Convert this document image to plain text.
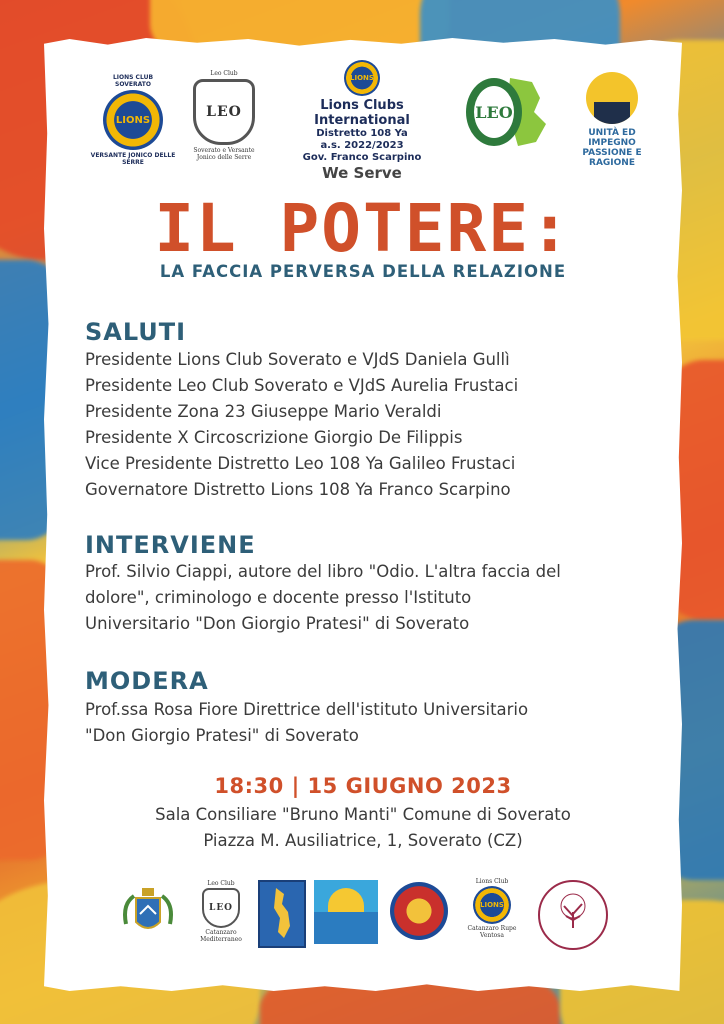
LIONS CLUB SOVERATO
LIONS
VERSANTE JONICO DELLE SERRE
Leo Club
LEO
Soverato e Versante Jonico delle Serre
LIONS
Lions Clubs International
Distretto 108 Ya
a.s. 2022/2023
Gov. Franco Scarpino
We Serve
LEO
UNITÀ ED IMPEGNO
PASSIONE E RAGIONE
IL POTERE:
LA FACCIA PERVERSA DELLA RELAZIONE
SALUTI
Presidente Lions Club Soverato e VJdS Daniela Gullì
Presidente Leo Club Soverato e VJdS Aurelia Frustaci
Presidente Zona 23 Giuseppe Mario Veraldi
Presidente X Circoscrizione Giorgio De Filippis
Vice Presidente Distretto Leo 108 Ya Galileo Frustaci
Governatore Distretto Lions 108 Ya Franco Scarpino
INTERVIENE
Prof. Silvio Ciappi, autore del libro "Odio. L'altra faccia del
dolore", criminologo e docente presso l'Istituto
Universitario "Don Giorgio Pratesi" di Soverato
MODERA
Prof.ssa Rosa Fiore Direttrice dell'istituto Universitario
"Don Giorgio Pratesi" di Soverato
18:30 | 15 GIUGNO 2023
Sala Consiliare "Bruno Manti" Comune di Soverato
Piazza M. Ausiliatrice, 1, Soverato (CZ)
Leo Club
LEO
Catanzaro
Mediterraneo
Lions Club
LIONS
Catanzaro Rupe
Ventosa
